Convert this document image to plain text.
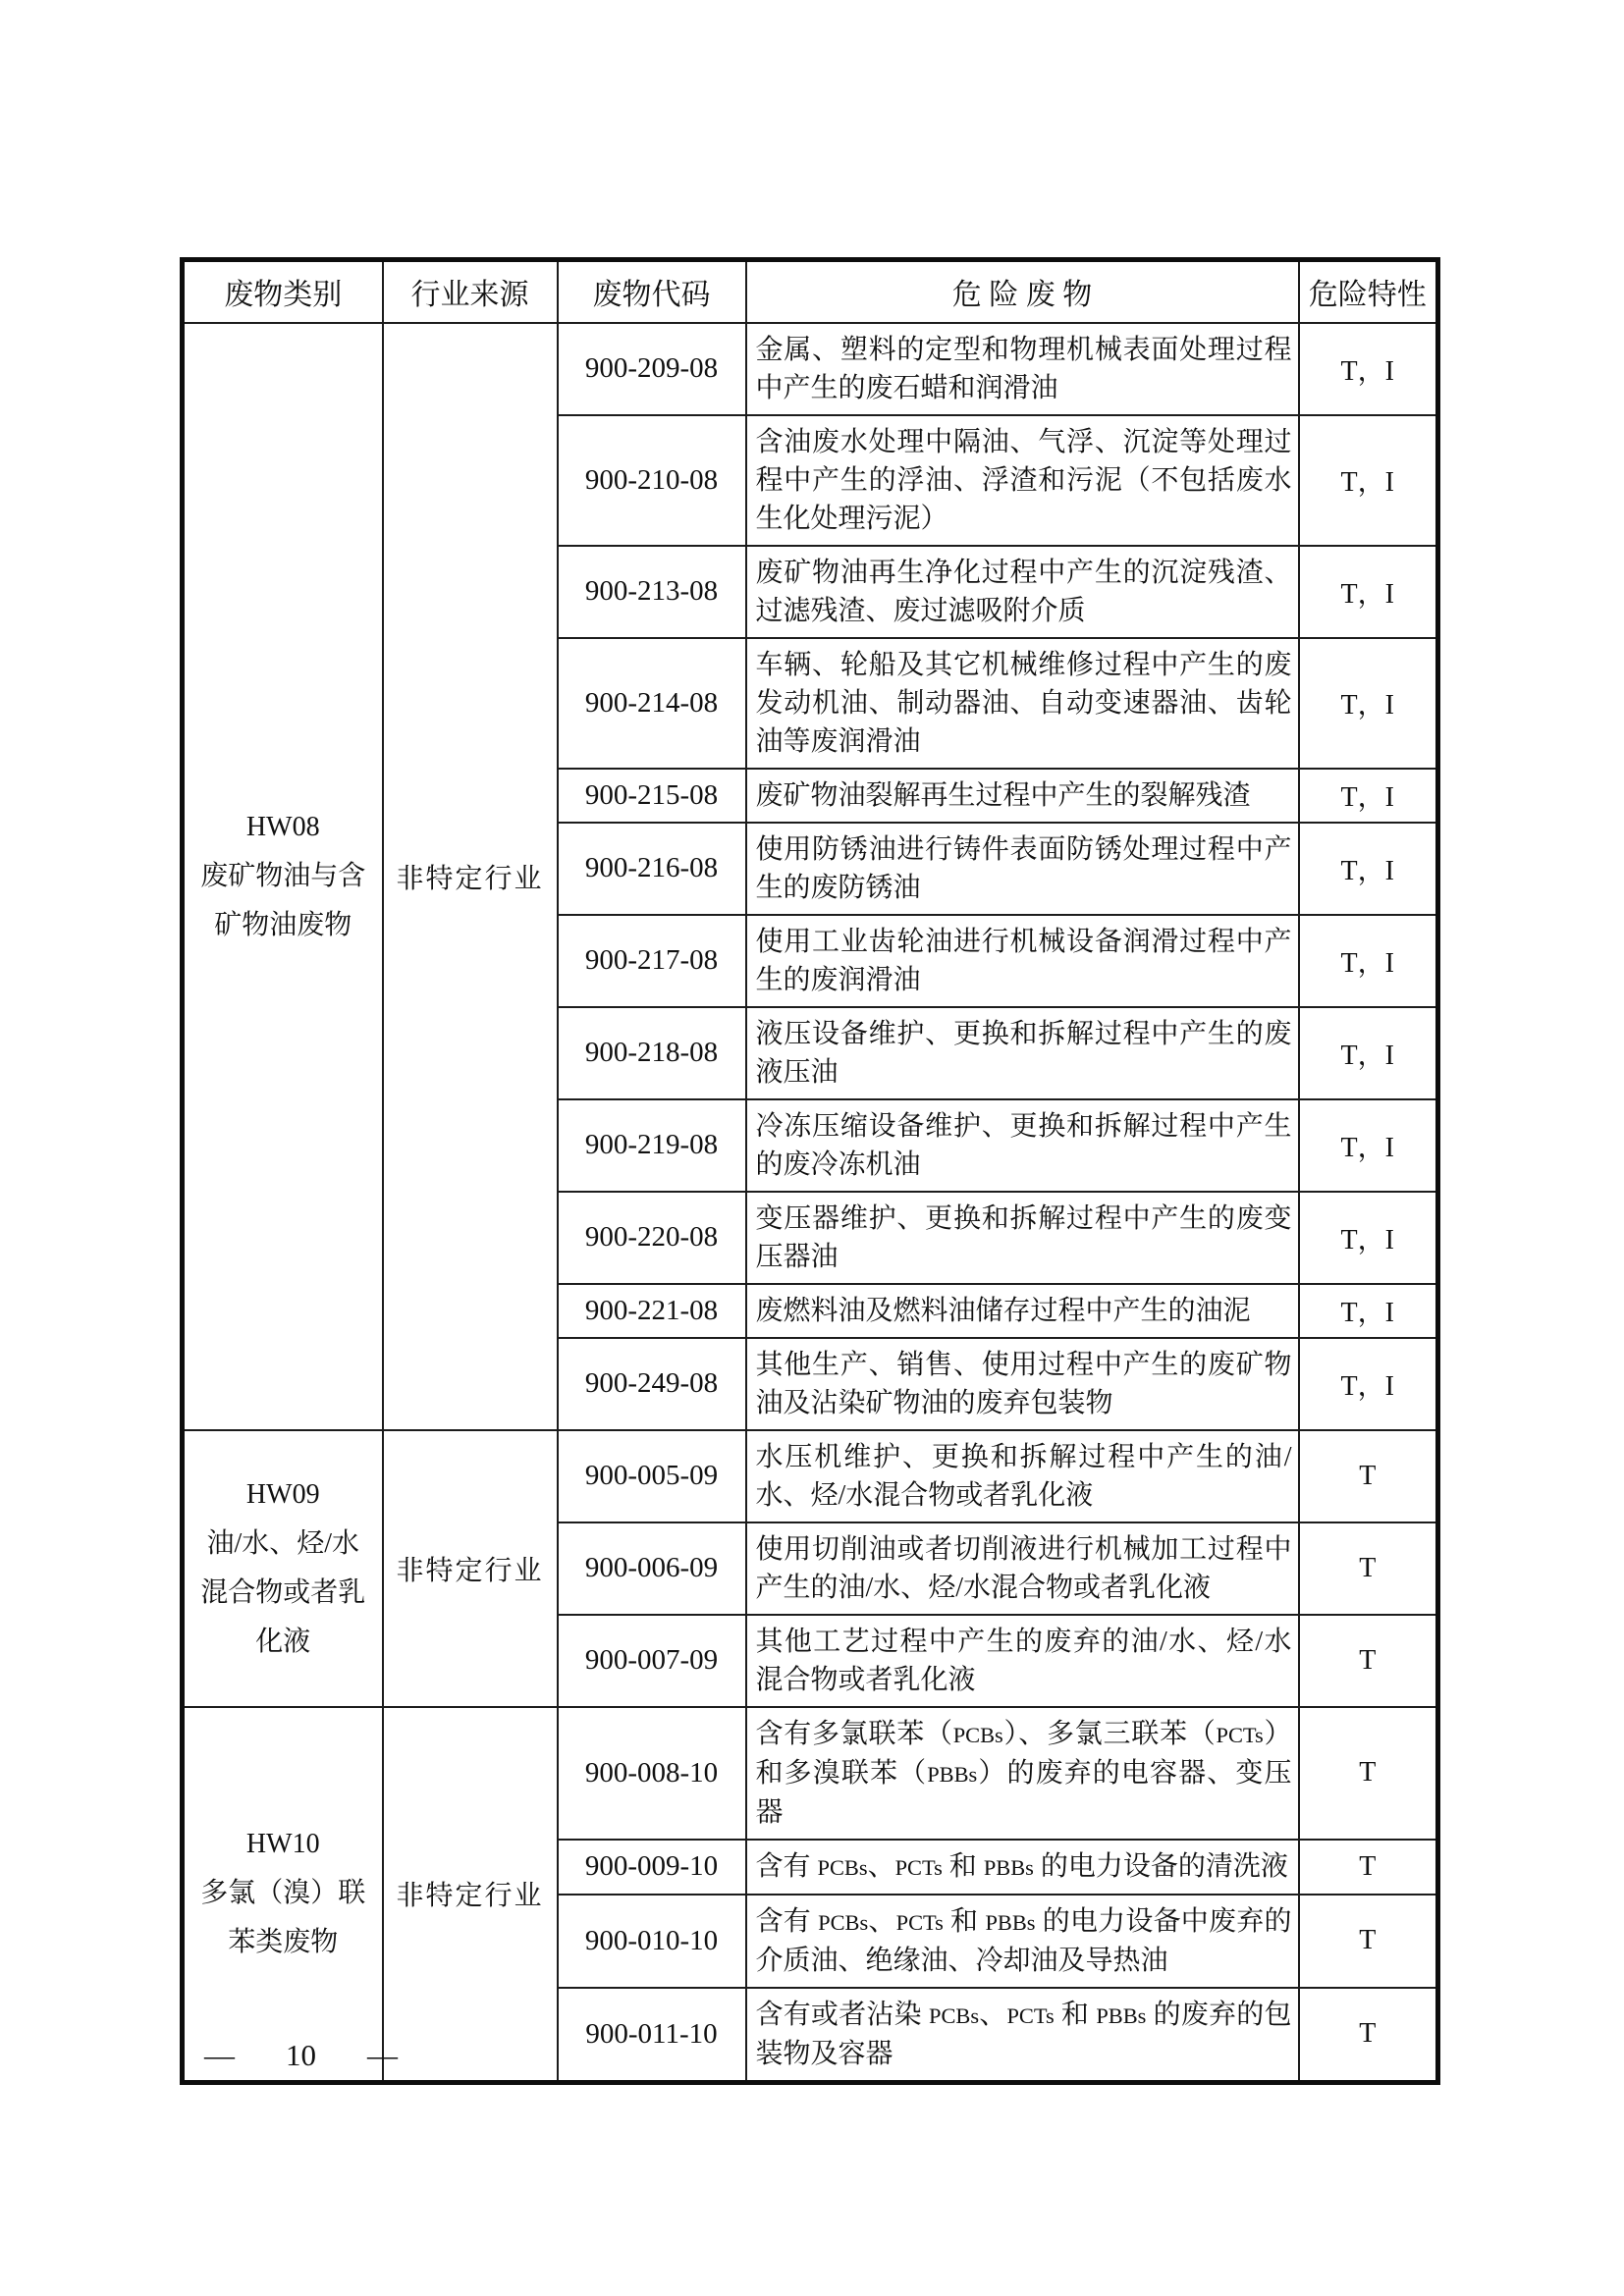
废物类别	行业来源	废物代码	危 险 废 物	危险特性

HW08
废矿物油与含
矿物油废物	非特定行业	900-209-08	金属、塑料的定型和物理机械表面处理过程中产生的废石蜡和润滑油	T，I
		900-210-08	含油废水处理中隔油、气浮、沉淀等处理过程中产生的浮油、浮渣和污泥（不包括废水生化处理污泥）	T，I
		900-213-08	废矿物油再生净化过程中产生的沉淀残渣、过滤残渣、废过滤吸附介质	T，I
		900-214-08	车辆、轮船及其它机械维修过程中产生的废发动机油、制动器油、自动变速器油、齿轮油等废润滑油	T，I
		900-215-08	废矿物油裂解再生过程中产生的裂解残渣	T，I
		900-216-08	使用防锈油进行铸件表面防锈处理过程中产生的废防锈油	T，I
		900-217-08	使用工业齿轮油进行机械设备润滑过程中产生的废润滑油	T，I
		900-218-08	液压设备维护、更换和拆解过程中产生的废液压油	T，I
		900-219-08	冷冻压缩设备维护、更换和拆解过程中产生的废冷冻机油	T，I
		900-220-08	变压器维护、更换和拆解过程中产生的废变压器油	T，I
		900-221-08	废燃料油及燃料油储存过程中产生的油泥	T，I
		900-249-08	其他生产、销售、使用过程中产生的废矿物油及沾染矿物油的废弃包装物	T，I

HW09
油/水、烃/水
混合物或者乳
化液	非特定行业	900-005-09	水压机维护、更换和拆解过程中产生的油/水、烃/水混合物或者乳化液	T
		900-006-09	使用切削油或者切削液进行机械加工过程中产生的油/水、烃/水混合物或者乳化液	T
		900-007-09	其他工艺过程中产生的废弃的油/水、烃/水混合物或者乳化液	T

HW10
多氯（溴）联
苯类废物	非特定行业	900-008-10	含有多氯联苯（PCBs）、多氯三联苯（PCTs）和多溴联苯（PBBs）的废弃的电容器、变压器	T
		900-009-10	含有 PCBs、PCTs 和 PBBs 的电力设备的清洗液	T
		900-010-10	含有 PCBs、PCTs 和 PBBs 的电力设备中废弃的介质油、绝缘油、冷却油及导热油	T
		900-011-10	含有或者沾染 PCBs、PCTs 和 PBBs 的废弃的包装物及容器	T
— 10 —
